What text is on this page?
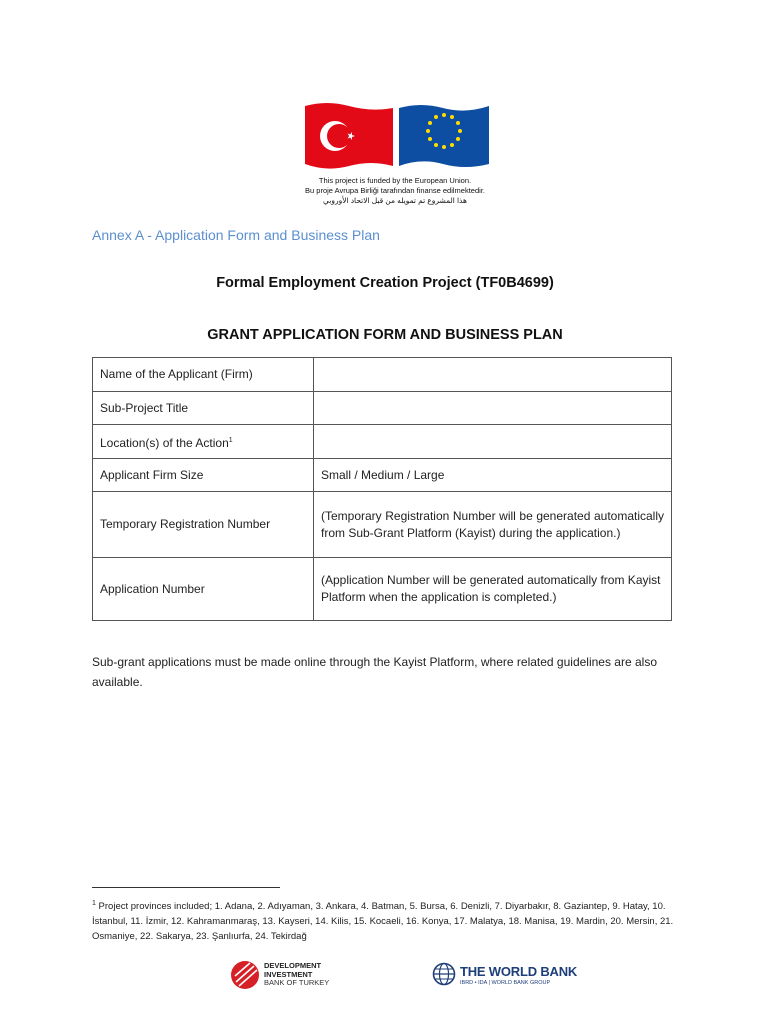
This project is funded by the European Union.
Bu proje Avrupa Birliği tarafından finanse edilmektedir.
هذا المشروع تم تمويله من قبل الاتحاد الأوروبي
Annex A - Application Form and Business Plan
Formal Employment Creation Project (TF0B4699)
GRANT APPLICATION FORM AND BUSINESS PLAN
Name of the Applicant (Firm)	
Sub-Project Title	
Location(s) of the Action$^1$	
Applicant Firm Size	Small / Medium / Large
Temporary Registration Number	(Temporary Registration Number will be generated automatically from Sub-Grant Platform (Kayist) during the application.)
Application Number	(Application Number will be generated automatically from Kayist Platform when the application is completed.)
Sub-grant applications must be made online through the Kayist Platform, where related guidelines are also available.
$^1$ Project provinces included; 1. Adana, 2. Adıyaman, 3. Ankara, 4. Batman, 5. Bursa, 6. Denizli, 7. Diyarbakır, 8. Gaziantep, 9. Hatay, 10. İstanbul, 11. İzmir, 12. Kahramanmaraş, 13. Kayseri, 14. Kilis, 15. Kocaeli, 16. Konya, 17. Malatya, 18. Manisa, 19. Mardin, 20. Mersin, 21. Osmaniye, 22. Sakarya, 23. Şanlıurfa, 24. Tekirdağ
DEVELOPMENT
INVESTMENT
BANK OF TURKEY
THE WORLD BANK
IBRD • IDA | WORLD BANK GROUP
